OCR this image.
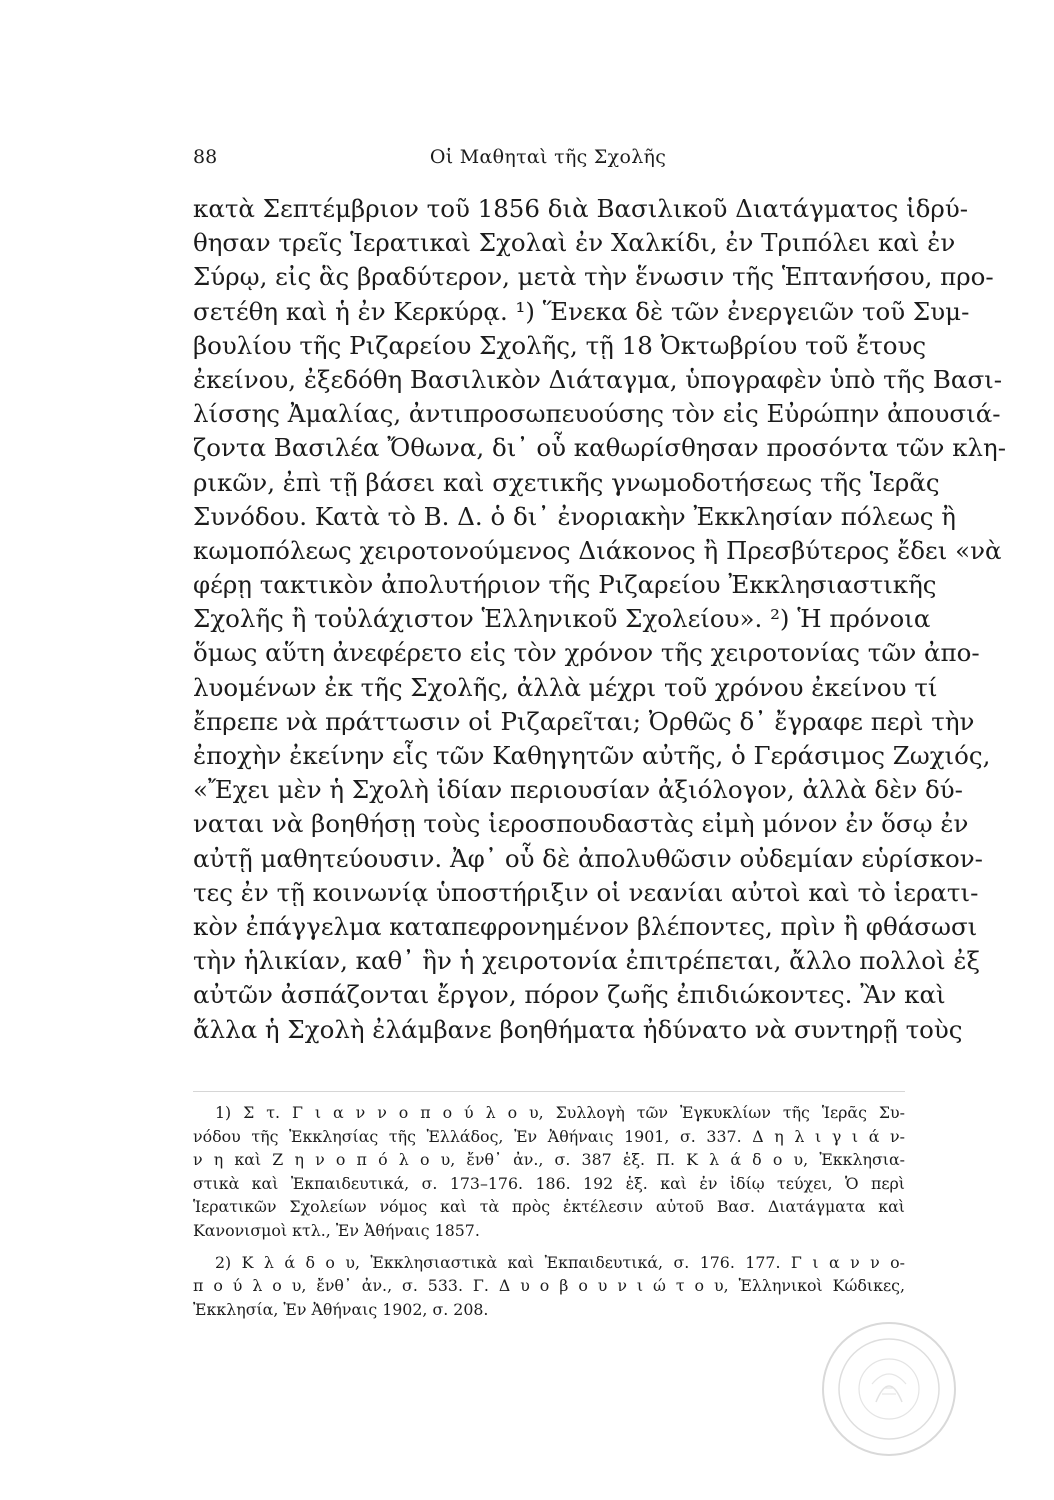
88	Οἱ Μαθηταὶ τῆς Σχολῆς
κατὰ Σεπτέμβριον τοῦ 1856 διὰ Βασιλικοῦ Διατάγματος ἱδρύ-
θησαν τρεῖς Ἱερατικαὶ Σχολαὶ ἐν Χαλκίδι, ἐν Τριπόλει καὶ ἐν
Σύρῳ, εἰς ἃς βραδύτερον, μετὰ τὴν ἕνωσιν τῆς Ἑπτανήσου, προ-
σετέθη καὶ ἡ ἐν Κερκύρᾳ. ¹) Ἕνεκα δὲ τῶν ἐνεργειῶν τοῦ Συμ-
βουλίου τῆς Ριζαρείου Σχολῆς, τῇ 18 Ὀκτωβρίου τοῦ ἔτους
ἐκείνου, ἐξεδόθη Βασιλικὸν Διάταγμα, ὑπογραφὲν ὑπὸ τῆς Βασι-
λίσσης Ἀμαλίας, ἀντιπροσωπευούσης τὸν εἰς Εὐρώπην ἀπουσιά-
ζοντα Βασιλέα Ὄθωνα, δι᾽ οὗ καθωρίσθησαν προσόντα τῶν κλη-
ρικῶν, ἐπὶ τῇ βάσει καὶ σχετικῆς γνωμοδοτήσεως τῆς Ἱερᾶς
Συνόδου. Κατὰ τὸ Β. Δ. ὁ δι᾽ ἐνοριακὴν Ἐκκλησίαν πόλεως ἢ
κωμοπόλεως χειροτονούμενος Διάκονος ἢ Πρεσβύτερος ἔδει «νὰ
φέρῃ τακτικὸν ἀπολυτήριον τῆς Ριζαρείου Ἐκκλησιαστικῆς
Σχολῆς ἢ τοὐλάχιστον Ἑλληνικοῦ Σχολείου». ²) Ἡ πρόνοια
ὅμως αὕτη ἀνεφέρετο εἰς τὸν χρόνον τῆς χειροτονίας τῶν ἀπο-
λυομένων ἐκ τῆς Σχολῆς, ἀλλὰ μέχρι τοῦ χρόνου ἐκείνου τί
ἔπρεπε νὰ πράττωσιν οἱ Ριζαρεῖται; Ὀρθῶς δ᾽ ἔγραφε περὶ τὴν
ἐποχὴν ἐκείνην εἷς τῶν Καθηγητῶν αὐτῆς, ὁ Γεράσιμος Ζωχιός,
«Ἔχει μὲν ἡ Σχολὴ ἰδίαν περιουσίαν ἀξιόλογον, ἀλλὰ δὲν δύ-
ναται νὰ βοηθήσῃ τοὺς ἱεροσπουδαστὰς εἰμὴ μόνον ἐν ὅσῳ ἐν
αὐτῇ μαθητεύουσιν. Ἀφ᾽ οὗ δὲ ἀπολυθῶσιν οὐδεμίαν εὑρίσκον-
τες ἐν τῇ κοινωνίᾳ ὑποστήριξιν οἱ νεανίαι αὐτοὶ καὶ τὸ ἱερατι-
κὸν ἐπάγγελμα καταπεφρονημένον βλέποντες, πρὶν ἢ φθάσωσι
τὴν ἡλικίαν, καθ᾽ ἣν ἡ χειροτονία ἐπιτρέπεται, ἄλλο πολλοὶ ἐξ
αὐτῶν ἀσπάζονται ἔργον, πόρον ζωῆς ἐπιδιώκοντες. Ἂν καὶ
ἄλλα ἡ Σχολὴ ἐλάμβανε βοηθήματα ἠδύνατο νὰ συντηρῇ τοὺς
1) Σ τ. Γ ι α ν ν ο π ο ύ λ ο υ, Συλλογὴ τῶν Ἐγκυκλίων τῆς Ἱερᾶς Συ-
νόδου τῆς Ἐκκλησίας τῆς Ἑλλάδος, Ἐν Ἀθήναις 1901, σ. 337. Δ η λ ι γ ι ά ν-
ν η καὶ Ζ η ν ο π ό λ ο υ, ἔνθ᾽ ἀν., σ. 387 ἑξ. Π. Κ λ ά δ ο υ, Ἐκκλησια-
στικὰ καὶ Ἐκπαιδευτικά, σ. 173–176. 186. 192 ἑξ. καὶ ἐν ἰδίῳ τεύχει, Ὁ περὶ
Ἱερατικῶν Σχολείων νόμος καὶ τὰ πρὸς ἐκτέλεσιν αὐτοῦ Βασ. Διατάγματα καὶ
Κανονισμοὶ κτλ., Ἐν Ἀθήναις 1857.
2) Κ λ ά δ ο υ, Ἐκκλησιαστικὰ καὶ Ἐκπαιδευτικά, σ. 176. 177. Γ ι α ν ν ο-
π ο ύ λ ο υ, ἔνθ᾽ ἀν., σ. 533. Γ. Δ υ ο β ο υ ν ι ώ τ ο υ, Ἑλληνικοὶ Κώδικες,
Ἐκκλησία, Ἐν Ἀθήναις 1902, σ. 208.
